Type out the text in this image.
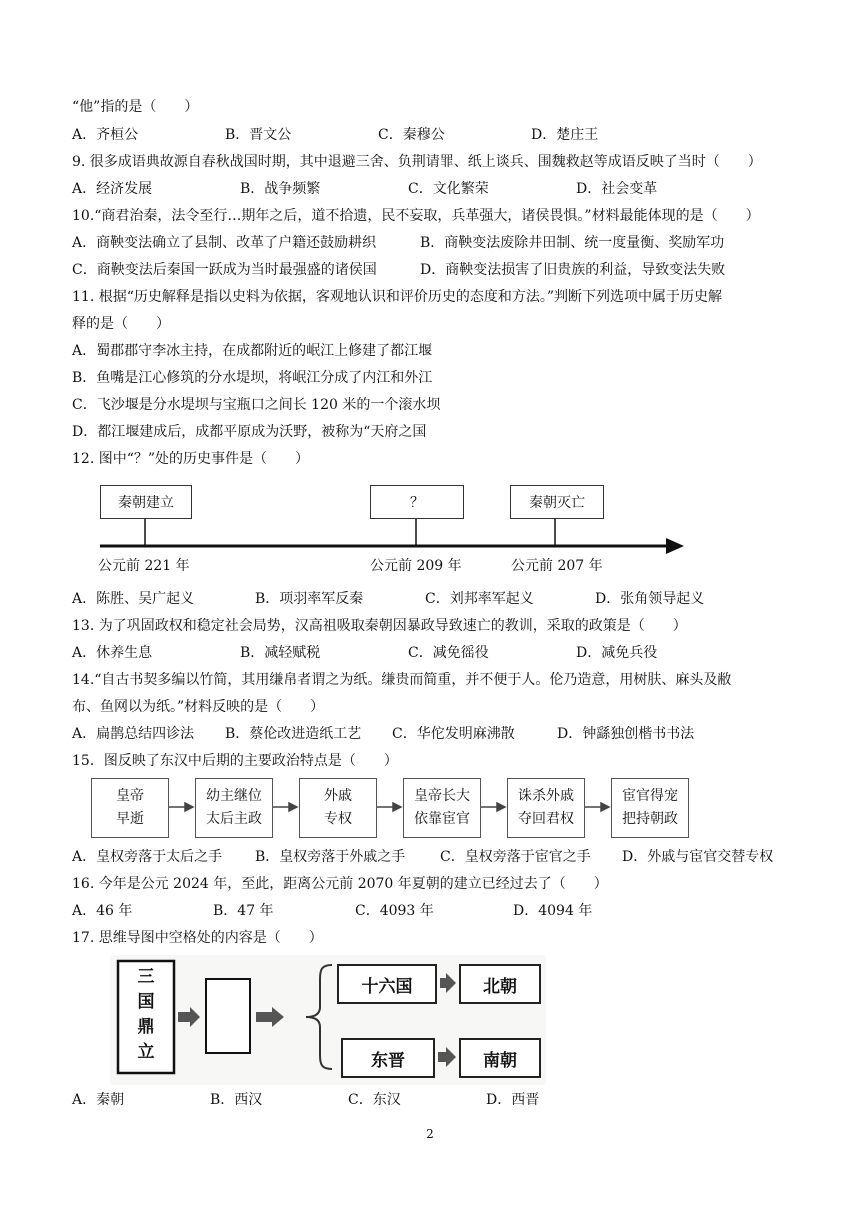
“他”指的是（　　）
A．齐桓公	B．晋文公	C．秦穆公	D．楚庄王
9. 很多成语典故源自春秋战国时期，其中退避三舍、负荆请罪、纸上谈兵、围魏救赵等成语反映了当时（　　）
A．经济发展	B．战争频繁	C．文化繁荣	D．社会变革
10.“商君治秦，法令至行…期年之后，道不拾遗，民不妄取，兵革强大，诸侯畏惧。”材料最能体现的是（　　）
A．商鞅变法确立了县制、改革了户籍还鼓励耕织	B．商鞅变法废除井田制、统一度量衡、奖励军功
C．商鞅变法后秦国一跃成为当时最强盛的诸侯国	D．商鞅变法损害了旧贵族的利益，导致变法失败
11. 根据“历史解释是指以史料为依据，客观地认识和评价历史的态度和方法。”判断下列选项中属于历史解
释的是（　　）
A．蜀郡郡守李冰主持，在成都附近的岷江上修建了都江堰
B．鱼嘴是江心修筑的分水堤坝，将岷江分成了内江和外江
C．飞沙堰是分水堤坝与宝瓶口之间长 120 米的一个滚水坝
D．都江堰建成后，成都平原成为沃野，被称为“天府之国
12. 图中“？”处的历史事件是（　　）
秦朝建立	？	秦朝灭亡
公元前 221 年	公元前 209 年	公元前 207 年
A．陈胜、吴广起义	B．项羽率军反秦	C．刘邦率军起义	D．张角领导起义
13. 为了巩固政权和稳定社会局势，汉高祖吸取秦朝因暴政导致速亡的教训，采取的政策是（　　）
A．休养生息	B．减轻赋税	C．减免徭役	D．减免兵役
14.“自古书契多编以竹简，其用缣帛者谓之为纸。缣贵而简重，并不便于人。伦乃造意，用树肤、麻头及敝
布、鱼网以为纸。”材料反映的是（　　）
A．扁鹊总结四诊法 B．蔡伦改进造纸工艺 C．华佗发明麻沸散	D．钟繇独创楷书书法
15．图反映了东汉中后期的主要政治特点是（　　）
皇帝
早逝
幼主继位
太后主政
外戚
专权
皇帝长大
依靠宦官
诛杀外戚
夺回君权
宦官得宠
把持朝政
A．皇权旁落于太后之手 B．皇权旁落于外戚之手 C．皇权旁落于宦官之手 D．外戚与宦官交替专权
16. 今年是公元 2024 年，至此，距离公元前 2070 年夏朝的建立已经过去了（　　）
A．46 年	B．47 年	C．4093 年	D．4094 年
17. 思维导图中空格处的内容是（　　）
三
国
鼎
立
十六国	北朝
东晋	南朝
A．秦朝	B．西汉	C．东汉	D．西晋
2
